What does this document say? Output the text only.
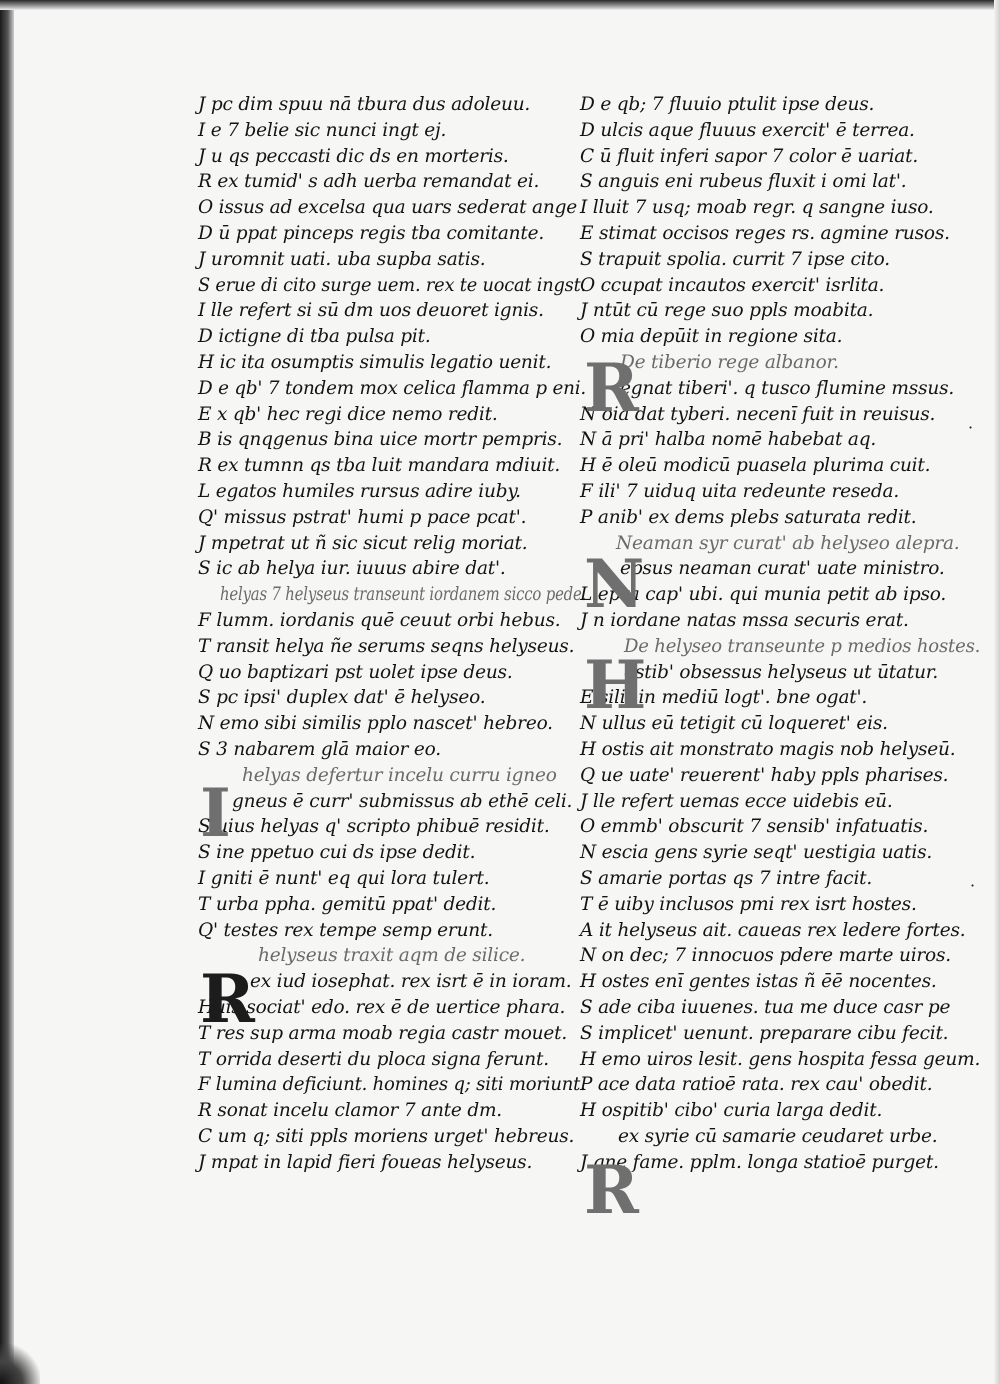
J pc dim spuu nā tbura dus adoleuu.
I e 7 belie sic nunci ingt ej.
J u qs peccasti dic ds en morteris.
R ex tumid' s adh uerba remandat ei.
O issus ad excelsa qua uars sederat ange
D ū ppat pinceps regis tba comitante.
J uromnit uati. uba supba satis.
S erue di cito surge uem. rex te uocat ingst.
I lle refert si sū dm uos deuoret ignis.
D ictigne di tba pulsa pit.
H ic ita osumptis simulis legatio uenit.
D e qb' 7 tondem mox celica flamma p eni.
E x qb' hec regi dice nemo redit.
B is qnqgenus bina uice mortr pempris.
R ex tumnn qs tba luit mandara mdiuit.
L egatos humiles rursus adire iuby.
Q' missus pstrat' humi p pace pcat'.
J mpetrat ut ñ sic sicut relig moriat.
S ic ab helya iur. iuuus abire dat'.
helyas 7 helyseus transeunt iordanem sicco pede.
F lumm. iordanis quē ceuut orbi hebus.
T ransit helya ñe serums seqns helyseus.
Q uo baptizari pst uolet ipse deus.
S pc ipsi' duplex dat' ē helyseo.
N emo sibi similis pplo nascet' hebreo.
S 3 nabarem glā maior eo.
helyas defertur incelu curru igneo
gneus ē curr' submissus ab ethē celi.
S uius helyas q' scripto phibuē residit.
S ine ppetuo cui ds ipse dedit.
I gniti ē nunt' eq qui lora tulert.
T urba ppha. gemitū ppat' dedit.
Q' testes rex tempe semp erunt.
helyseus traxit aqm de silice.
ex iud iosephat. rex isrt ē in ioram.
Huis sociat' edo. rex ē de uertice phara.
T res sup arma moab regia castr mouet.
T orrida deserti du ploca signa ferunt.
F lumina deficiunt. homines q; siti moriunt.
R sonat incelu clamor 7 ante dm.
C um q; siti ppls moriens urget' hebreus.
J mpat in lapid fieri foueas helyseus.
D e qb; 7 fluuio ptulit ipse deus.
D ulcis aque fluuus exercit' ē terrea.
C ū fluit inferi sapor 7 color ē uariat.
S anguis eni rubeus fluxit i omi lat'.
I lluit 7 usq; moab regr. q sangne iuso.
E stimat occisos reges rs. agmine rusos.
S trapuit spolia. currit 7 ipse cito.
O ccupat incautos exercit' isrlita.
J ntūt cū rege suo ppls moabita.
O mia depūit in regione sita.
De tiberio rege albanor.
egnat tiberi'. q tusco flumine mssus.
N oiā dat tyberi. necenī fuit in reuisus.
N ā pri' halba nomē habebat aq.
H ē oleū modicū puasela plurima cuit.
F ili' 7 uiduq uita redeunte reseda.
P anib' ex dems plebs saturata redit.
Neaman syr curat' ab helyseo alepra.
epsus neaman curat' uate ministro.
L epra cap' ubi. qui munia petit ab ipso.
J n iordane natas mssa securis erat.
De helyseo transeunte p medios hostes.
ostib' obsessus helyseus ut ūtatur.
E silit in mediū logt'. bne ogat'.
N ullus eū tetigit cū loqueret' eis.
H ostis ait monstrato magis nob helyseū.
Q ue uate' reuerent' haby ppls pharises.
J lle refert uemas ecce uidebis eū.
O emmb' obscurit 7 sensib' infatuatis.
N escia gens syrie seqt' uestigia uatis.
S amarie portas qs 7 intre facit.
T ē uiby inclusos pmi rex isrt hostes.
A it helyseus ait. caueas rex ledere fortes.
N on dec; 7 innocuos pdere marte uiros.
H ostes enī gentes istas ñ ēē nocentes.
S ade ciba iuuenes. tua me duce casr pe
S implicet' uenunt. preparare cibu fecit.
H emo uiros lesit. gens hospita fessa geum.
P ace data ratioē rata. rex cau' obedit.
H ospitib' cibo' curia larga dedit.
ex syrie cū samarie ceudaret urbe.
J gne fame. pplm. longa statioē purget.
I
R
R
N
H
R
·
·
